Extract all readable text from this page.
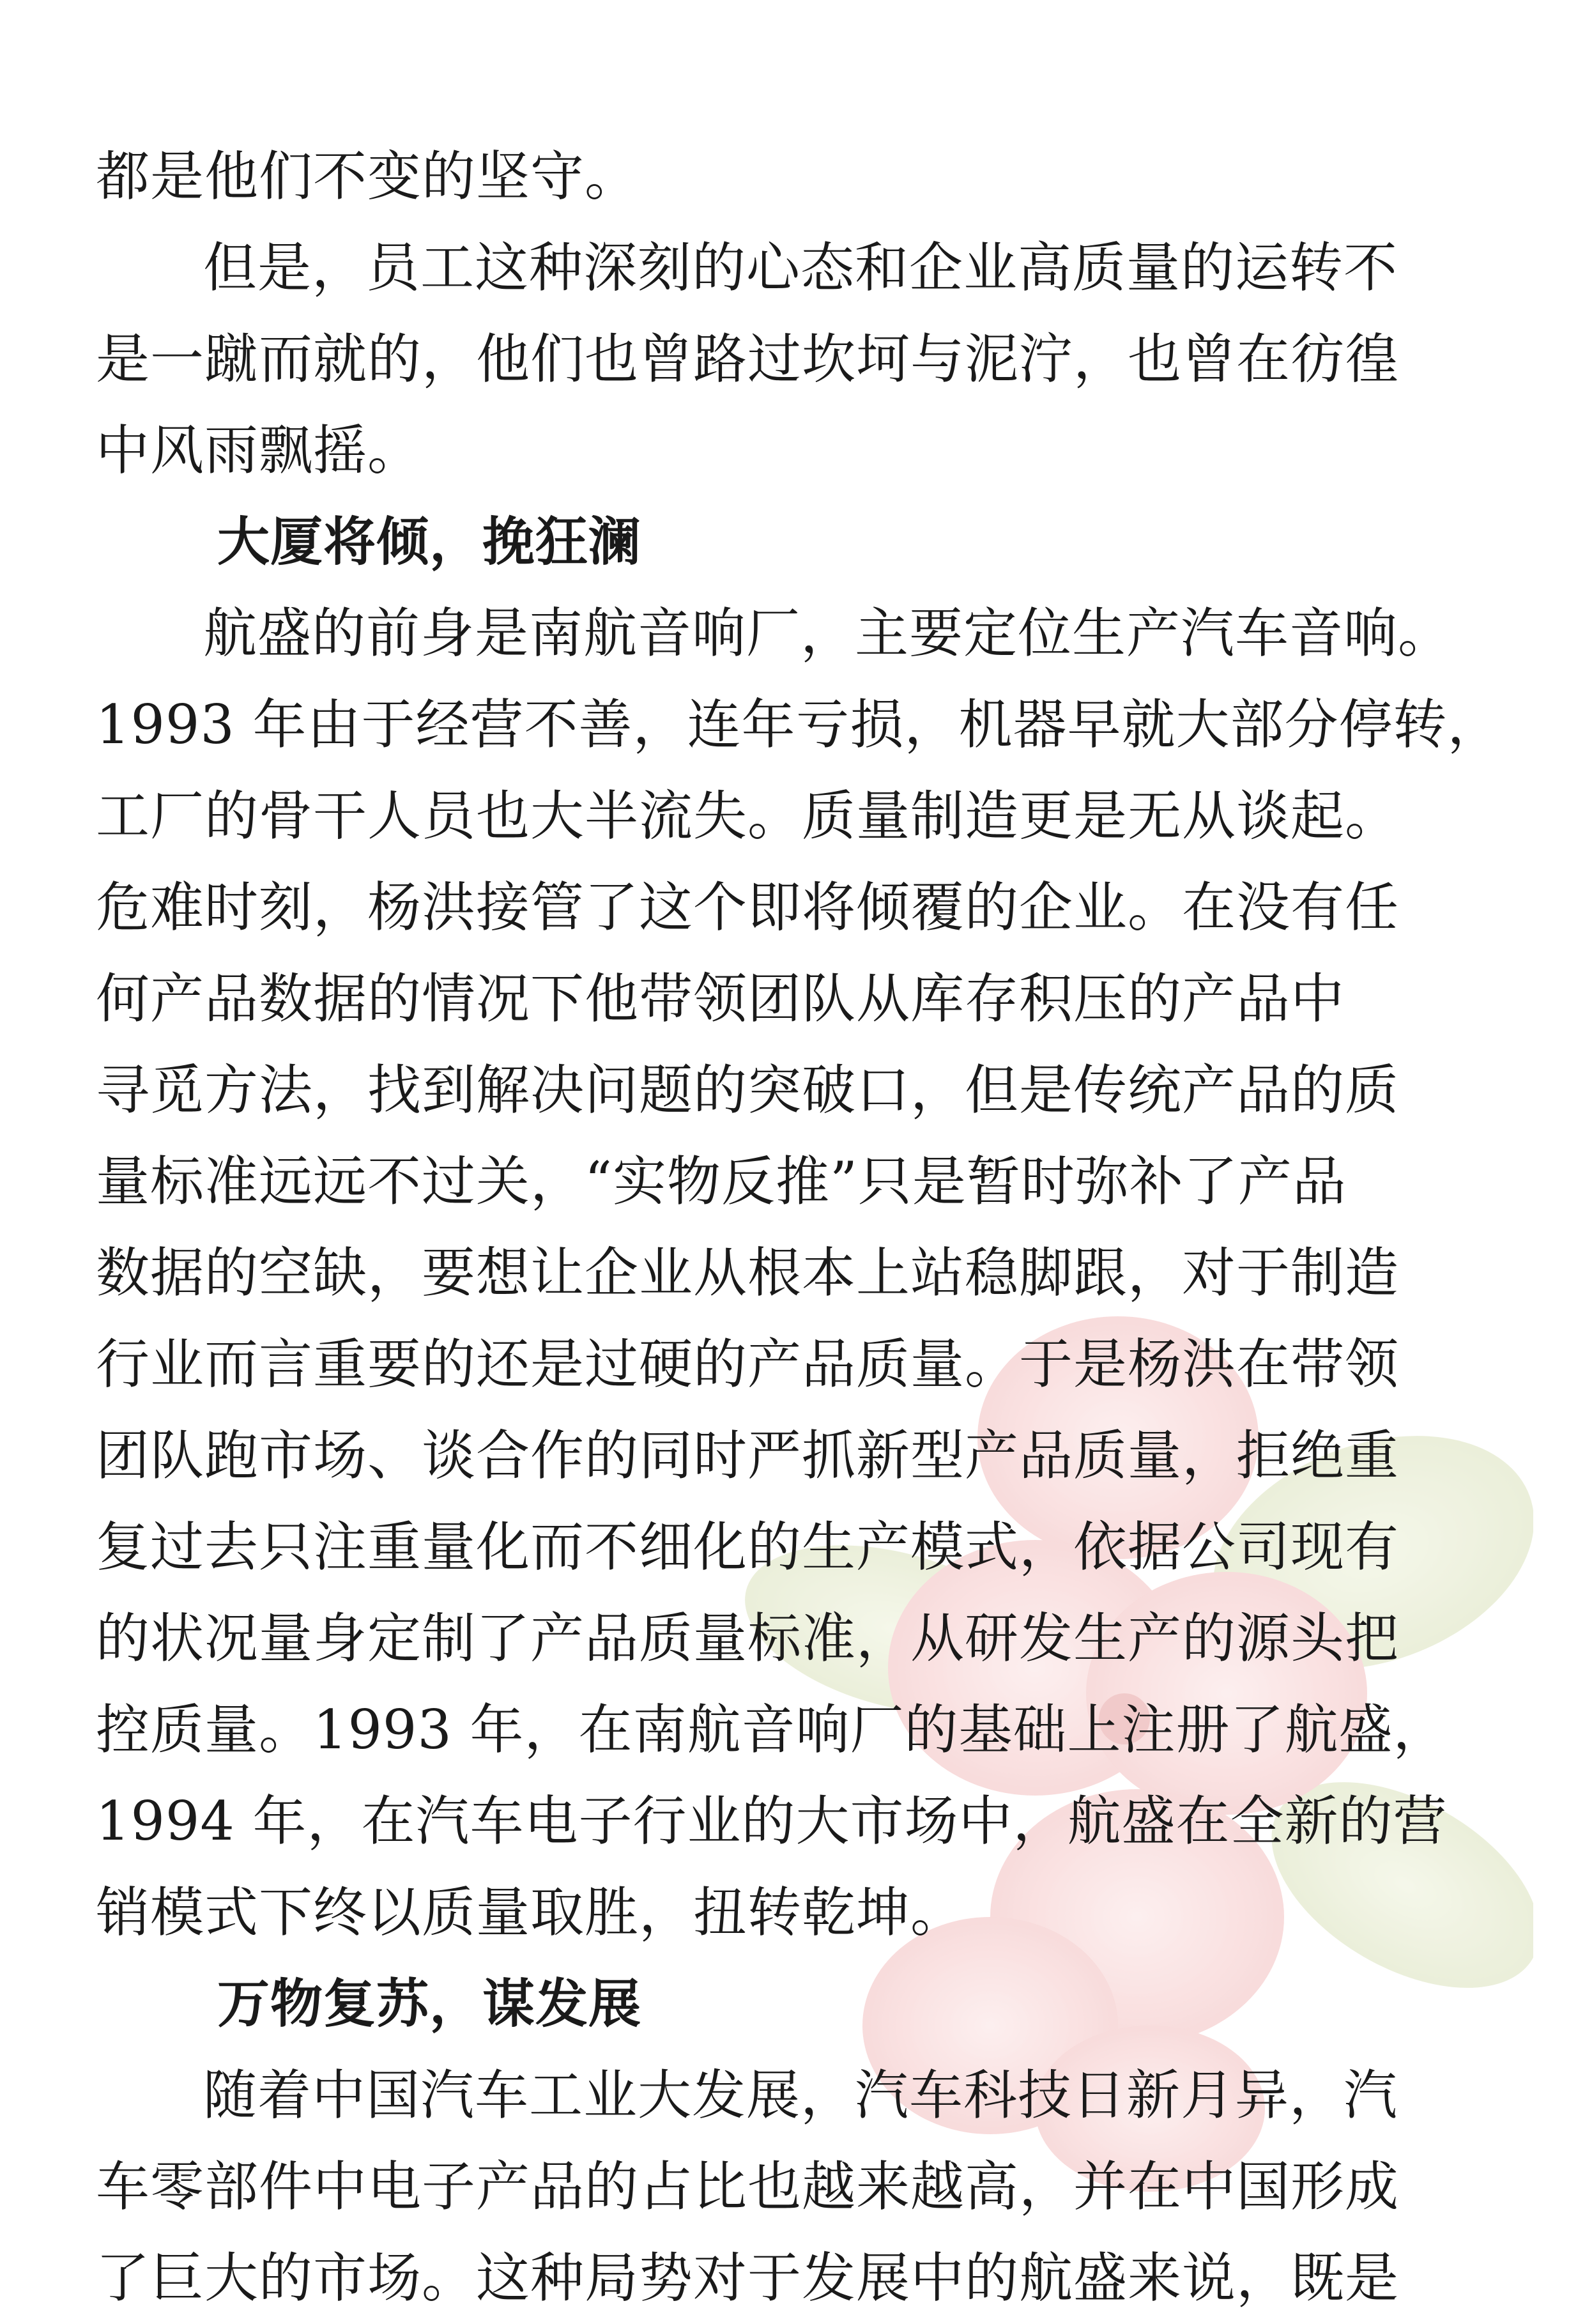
都是他们不变的坚守。
但是，员工这种深刻的心态和企业高质量的运转不
是一蹴而就的，他们也曾路过坎坷与泥泞，也曾在彷徨
中风雨飘摇。
大厦将倾，挽狂澜
航盛的前身是南航音响厂，主要定位生产汽车音响。
1993 年由于经营不善，连年亏损，机器早就大部分停转，
工厂的骨干人员也大半流失。质量制造更是无从谈起。
危难时刻，杨洪接管了这个即将倾覆的企业。在没有任
何产品数据的情况下他带领团队从库存积压的产品中
寻觅方法，找到解决问题的突破口，但是传统产品的质
量标准远远不过关，“实物反推”只是暂时弥补了产品
数据的空缺，要想让企业从根本上站稳脚跟，对于制造
行业而言重要的还是过硬的产品质量。于是杨洪在带领
团队跑市场、谈合作的同时严抓新型产品质量，拒绝重
复过去只注重量化而不细化的生产模式，依据公司现有
的状况量身定制了产品质量标准，从研发生产的源头把
控质量。1993 年，在南航音响厂的基础上注册了航盛，
1994 年，在汽车电子行业的大市场中，航盛在全新的营
销模式下终以质量取胜，扭转乾坤。
万物复苏，谋发展
随着中国汽车工业大发展，汽车科技日新月异，汽
车零部件中电子产品的占比也越来越高，并在中国形成
了巨大的市场。这种局势对于发展中的航盛来说，既是
